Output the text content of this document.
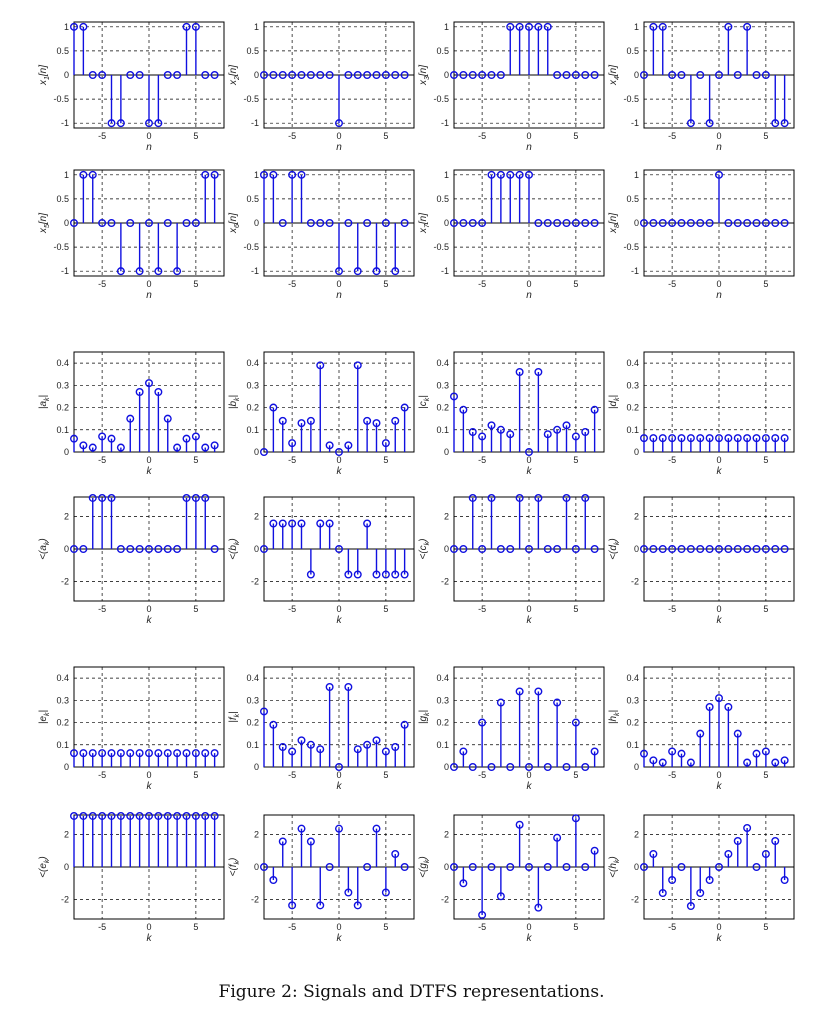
-5	0	5
-1
-0.5
0
0.5
1
n
$x_1[n]$
-5	0	5
-1
-0.5
0
0.5
1
n
$x_2[n]$
-5	0	5
-1
-0.5
0
0.5
1
n
$x_3[n]$
-5	0	5
-1
-0.5
0
0.5
1
n
$x_4[n]$
-5	0	5
-1
-0.5
0
0.5
1
n
$x_5[n]$
-5	0	5
-1
-0.5
0
0.5
1
n
$x_6[n]$
-5	0	5
-1
-0.5
0
0.5
1
n
$x_7[n]$
-5	0	5
-1
-0.5
0
0.5
1
n
$x_8[n]$
-5	0	5
0
0.1
0.2
0.3
0.4
k
$|a_k|$
-5	0	5
0
0.1
0.2
0.3
0.4
k
$|b_k|$
-5	0	5
0
0.1
0.2
0.3
0.4
k
$|c_k|$
-5	0	5
0
0.1
0.2
0.3
0.4
k
$|d_k|$
-5	0	5
-2
0
2
k
$<(a_k)$
-5	0	5
-2
0
2
k
$<(b_k)$
-5	0	5
-2
0
2
k
$<(c_k)$
-5	0	5
-2
0
2
k
$<(d_k)$
-5	0	5
0
0.1
0.2
0.3
0.4
k
$|e_k|$
-5	0	5
0
0.1
0.2
0.3
0.4
k
$|f_k|$
-5	0	5
0
0.1
0.2
0.3
0.4
k
$|g_k|$
-5	0	5
0
0.1
0.2
0.3
0.4
k
$|h_k|$
-5	0	5
-2
0
2
k
$<(e_k)$
-5	0	5
-2
0
2
k
$<(f_k)$
-5	0	5
-2
0
2
k
$<(g_k)$
-5	0	5
-2
0
2
k
$<(h_k)$
Figure 2: Signals and DTFS representations.
